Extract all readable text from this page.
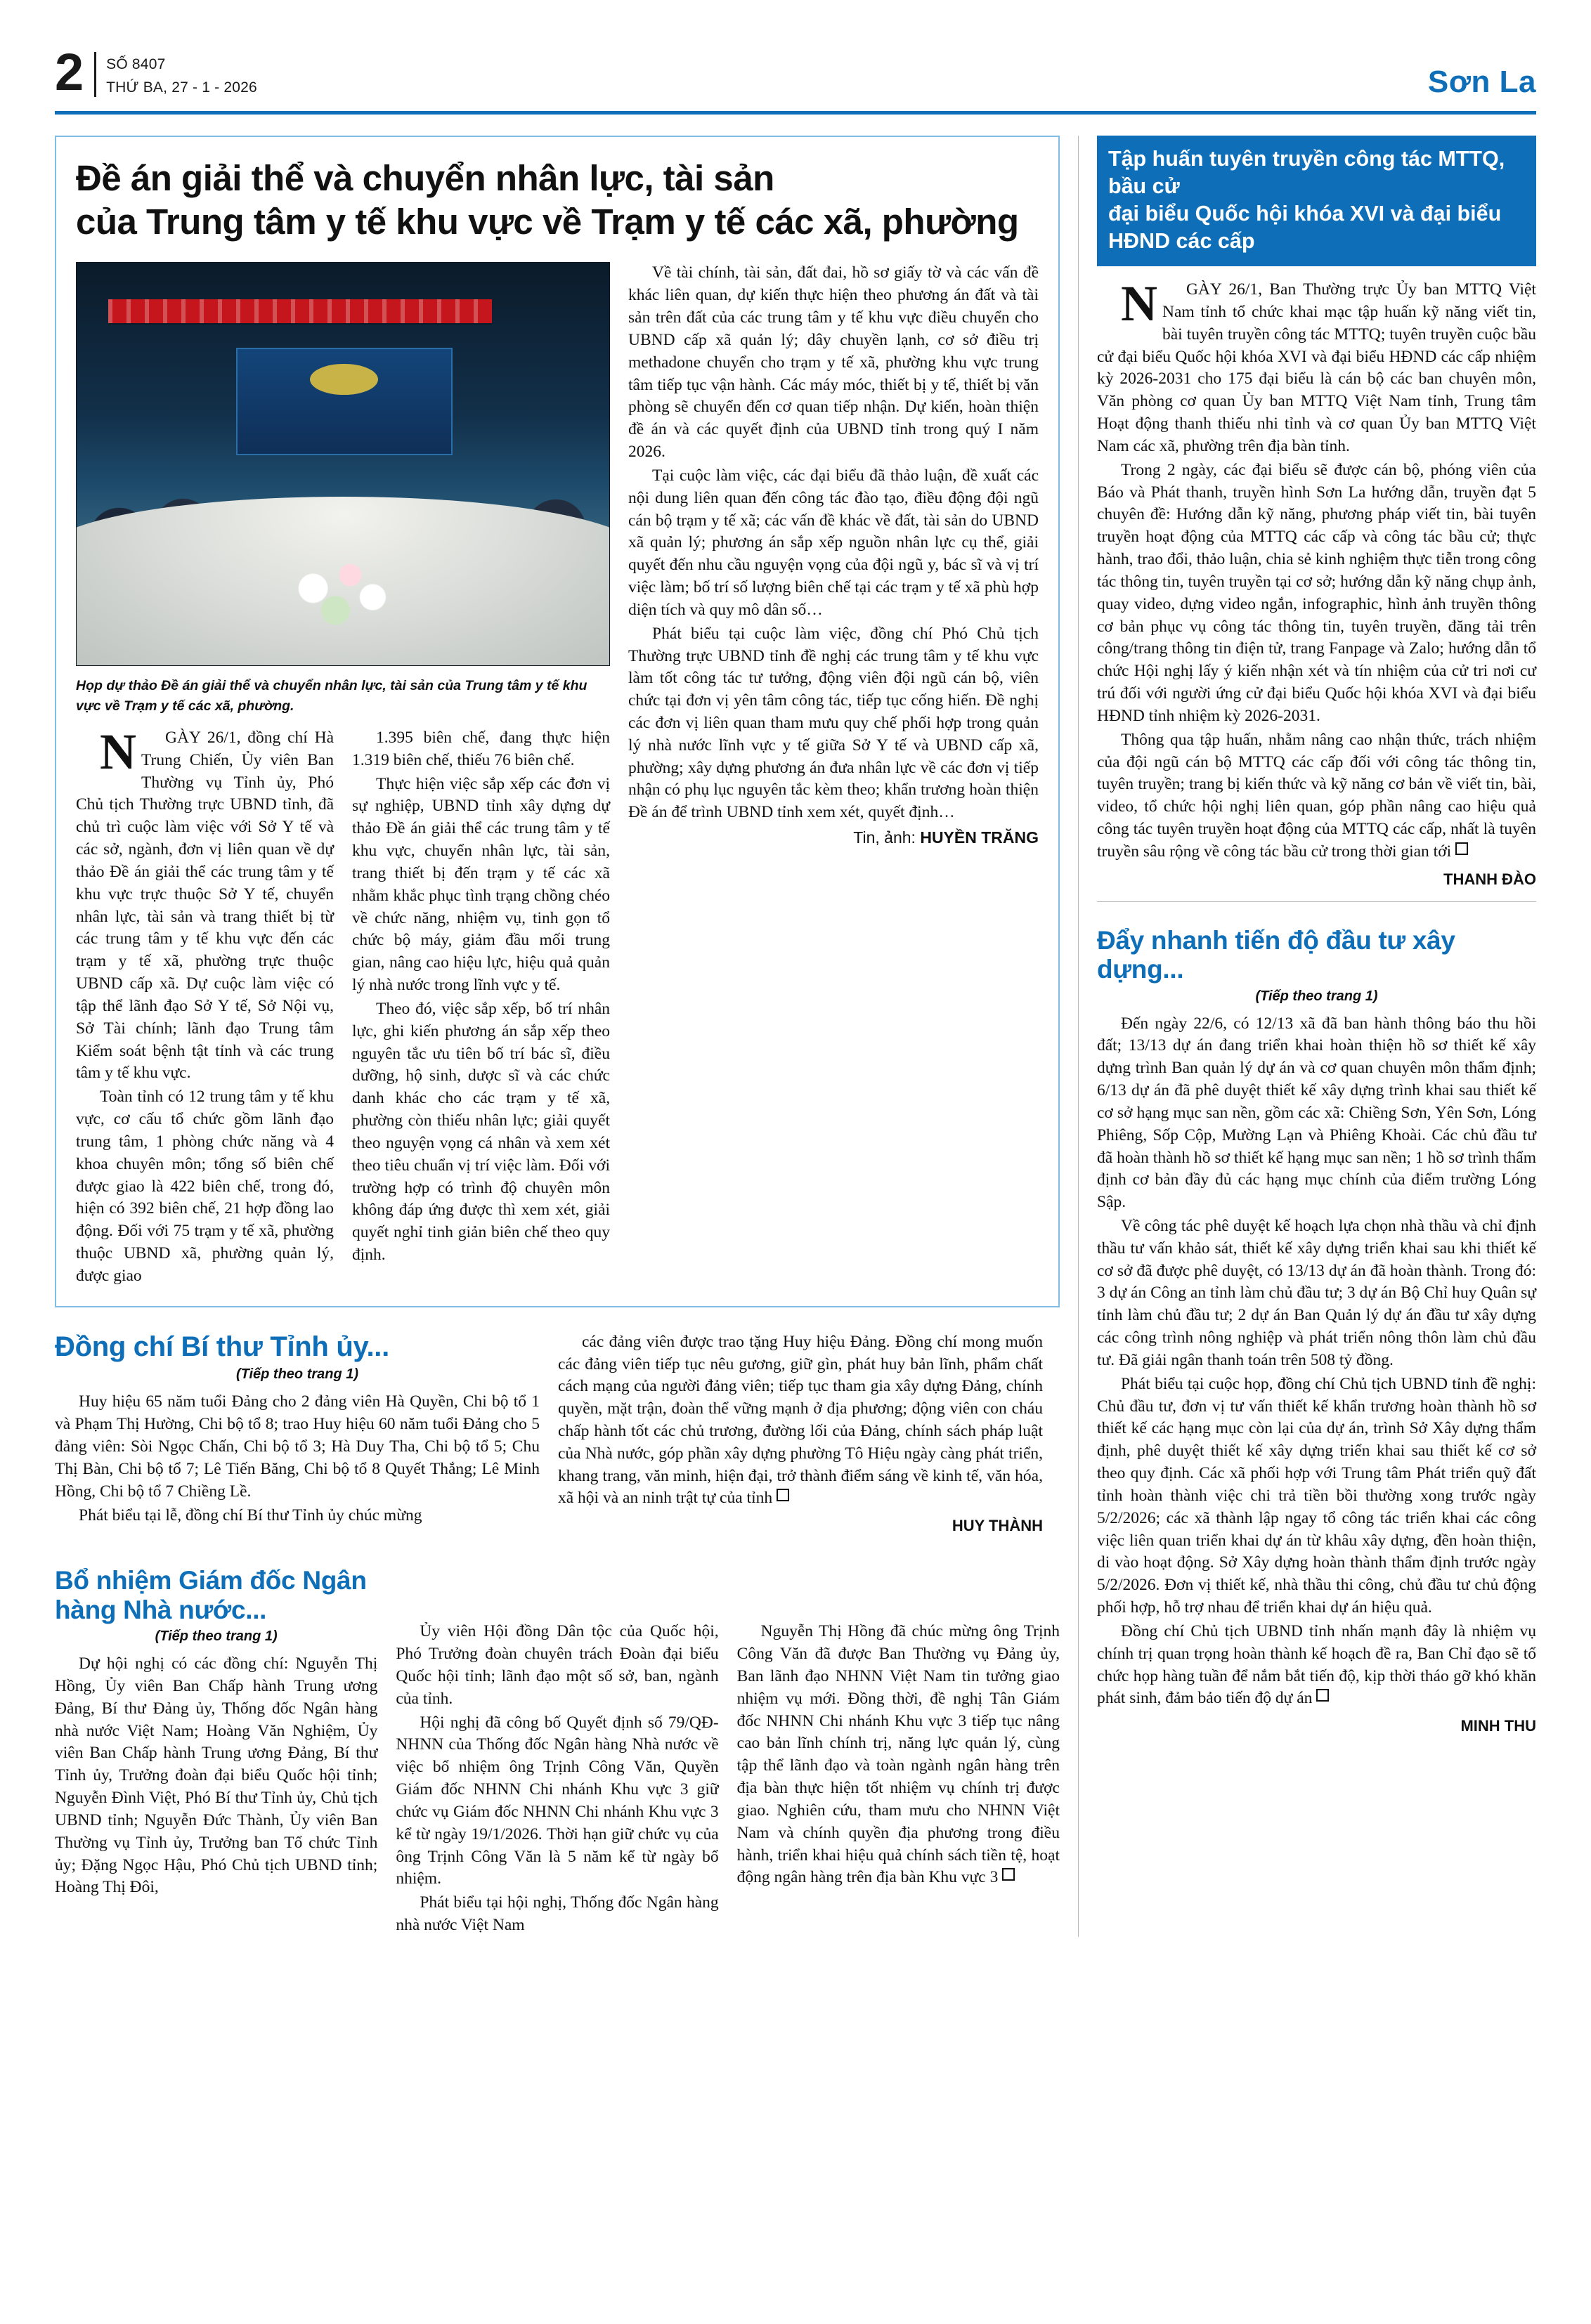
2 SỐ 8407
THỨ BA, 27 - 1 - 2026	Sơn La
Đề án giải thể và chuyển nhân lực, tài sản
của Trung tâm y tế khu vực về Trạm y tế các xã, phường
Họp dự thảo Đề án giải thể và chuyển nhân lực, tài sản của Trung tâm y tế khu vực về Trạm y tế các xã, phường.

N GÀY 26/1, đồng chí Hà Trung Chiến, Ủy viên Ban Thường vụ Tỉnh ủy, Phó Chủ tịch Thường trực UBND tỉnh, đã chủ trì cuộc làm việc với Sở Y tế và các sở, ngành, đơn vị liên quan về dự thảo Đề án giải thể các trung tâm y tế khu vực trực thuộc Sở Y tế, chuyển nhân lực, tài sản và trang thiết bị từ các trung tâm y tế khu vực đến các trạm y tế xã, phường trực thuộc UBND cấp xã. Dự cuộc làm việc có tập thể lãnh đạo Sở Y tế, Sở Nội vụ, Sở Tài chính; lãnh đạo Trung tâm Kiểm soát bệnh tật tỉnh và các trung tâm y tế khu vực.

Toàn tỉnh có 12 trung tâm y tế khu vực, cơ cấu tổ chức gồm lãnh đạo trung tâm, 1 phòng chức năng và 4 khoa chuyên môn; tổng số biên chế được giao là 422 biên chế, trong đó, hiện có 392 biên chế, 21 hợp đồng lao động. Đối với 75 trạm y tế xã, phường thuộc UBND xã, phường quản lý, được giao

1.395 biên chế, đang thực hiện 1.319 biên chế, thiếu 76 biên chế.

Thực hiện việc sắp xếp các đơn vị sự nghiệp, UBND tỉnh xây dựng dự thảo Đề án giải thể các trung tâm y tế khu vực, chuyển nhân lực, tài sản, trang thiết bị đến trạm y tế các xã nhằm khắc phục tình trạng chồng chéo về chức năng, nhiệm vụ, tinh gọn tổ chức bộ máy, giảm đầu mối trung gian, nâng cao hiệu lực, hiệu quả quản lý nhà nước trong lĩnh vực y tế.

Theo đó, việc sắp xếp, bố trí nhân lực, ghi kiến phương án sắp xếp theo nguyên tắc ưu tiên bố trí bác sĩ, điều dưỡng, hộ sinh, dược sĩ và các chức danh khác cho các trạm y tế xã, phường còn thiếu nhân lực; giải quyết theo nguyện vọng cá nhân và xem xét theo tiêu chuẩn vị trí việc làm. Đối với trường hợp có trình độ chuyên môn không đáp ứng được thì xem xét, giải quyết nghỉ tinh giản biên chế theo quy định.

Về tài chính, tài sản, đất đai, hồ sơ giấy tờ và các vấn đề khác liên quan, dự kiến thực hiện theo phương án đất và tài sản trên đất của các trung tâm y tế khu vực điều chuyển cho UBND cấp xã quản lý; dây chuyền lạnh, cơ sở điều trị methadone chuyển cho trạm y tế xã, phường khu vực trung tâm tiếp tục vận hành. Các máy móc, thiết bị y tế, thiết bị văn phòng sẽ chuyển đến cơ quan tiếp nhận. Dự kiến, hoàn thiện đề án và các quyết định của UBND tỉnh trong quý I năm 2026.

Tại cuộc làm việc, các đại biểu đã thảo luận, đề xuất các nội dung liên quan đến công tác đào tạo, điều động đội ngũ cán bộ trạm y tế xã; các vấn đề khác về đất, tài sản do UBND xã quản lý; phương án sắp xếp nguồn nhân lực cụ thể, giải quyết đến nhu cầu nguyện vọng của đội ngũ y, bác sĩ và vị trí việc làm; bố trí số lượng biên chế tại các trạm y tế xã phù hợp diện tích và quy mô dân số…

Phát biểu tại cuộc làm việc, đồng chí Phó Chủ tịch Thường trực UBND tỉnh đề nghị các trung tâm y tế khu vực làm tốt công tác tư tưởng, động viên đội ngũ cán bộ, viên chức tại đơn vị yên tâm công tác, tiếp tục cống hiến. Đề nghị các đơn vị liên quan tham mưu quy chế phối hợp trong quản lý nhà nước lĩnh vực y tế giữa Sở Y tế và UBND cấp xã, phường; xây dựng phương án đưa nhân lực về các đơn vị tiếp nhận có phụ lục nguyên tắc kèm theo; khẩn trương hoàn thiện Đề án để trình UBND tỉnh xem xét, quyết định…

Tin, ảnh: HUYỀN TRĂNG
Đồng chí Bí thư Tỉnh ủy...
(Tiếp theo trang 1)

Huy hiệu 65 năm tuổi Đảng cho 2 đảng viên Hà Quyền, Chi bộ tổ 1 và Phạm Thị Hường, Chi bộ tổ 8; trao Huy hiệu 60 năm tuổi Đảng cho 5 đảng viên: Sòi Ngọc Chấn, Chi bộ tổ 3; Hà Duy Tha, Chi bộ tổ 5; Chu Thị Bàn, Chi bộ tổ 7; Lê Tiến Băng, Chi bộ tổ 8 Quyết Thắng; Lê Minh Hồng, Chi bộ tổ 7 Chiềng Lề.

Phát biểu tại lễ, đồng chí Bí thư Tỉnh ủy chúc mừng

các đảng viên được trao tặng Huy hiệu Đảng. Đồng chí mong muốn các đảng viên tiếp tục nêu gương, giữ gìn, phát huy bản lĩnh, phẩm chất cách mạng của người đảng viên; tiếp tục tham gia xây dựng Đảng, chính quyền, mặt trận, đoàn thể vững mạnh ở địa phương; động viên con cháu chấp hành tốt các chủ trương, đường lối của Đảng, chính sách pháp luật của Nhà nước, góp phần xây dựng phường Tô Hiệu ngày càng phát triển, khang trang, văn minh, hiện đại, trở thành điểm sáng về kinh tế, văn hóa, xã hội và an ninh trật tự của tỉnh

HUY THÀNH
Bổ nhiệm Giám đốc Ngân hàng Nhà nước...
(Tiếp theo trang 1)

Dự hội nghị có các đồng chí: Nguyễn Thị Hồng, Ủy viên Ban Chấp hành Trung ương Đảng, Bí thư Đảng ủy, Thống đốc Ngân hàng nhà nước Việt Nam; Hoàng Văn Nghiệm, Ủy viên Ban Chấp hành Trung ương Đảng, Bí thư Tỉnh ủy, Trưởng đoàn đại biểu Quốc hội tỉnh; Nguyễn Đình Việt, Phó Bí thư Tỉnh ủy, Chủ tịch UBND tỉnh; Nguyễn Đức Thành, Ủy viên Ban Thường vụ Tỉnh ủy, Trưởng ban Tổ chức Tỉnh ủy; Đặng Ngọc Hậu, Phó Chủ tịch UBND tỉnh; Hoàng Thị Đôi,

Ủy viên Hội đồng Dân tộc của Quốc hội, Phó Trưởng đoàn chuyên trách Đoàn đại biểu Quốc hội tỉnh; lãnh đạo một số sở, ban, ngành của tỉnh.

Hội nghị đã công bố Quyết định số 79/QĐ-NHNN của Thống đốc Ngân hàng Nhà nước về việc bổ nhiệm ông Trịnh Công Văn, Quyền Giám đốc NHNN Chi nhánh Khu vực 3 giữ chức vụ Giám đốc NHNN Chi nhánh Khu vực 3 kể từ ngày 19/1/2026. Thời hạn giữ chức vụ của ông Trịnh Công Văn là 5 năm kể từ ngày bổ nhiệm.

Phát biểu tại hội nghị, Thống đốc Ngân hàng nhà nước Việt Nam

Nguyễn Thị Hồng đã chúc mừng ông Trịnh Công Văn đã được Ban Thường vụ Đảng ủy, Ban lãnh đạo NHNN Việt Nam tin tưởng giao nhiệm vụ mới. Đồng thời, đề nghị Tân Giám đốc NHNN Chi nhánh Khu vực 3 tiếp tục nâng cao bản lĩnh chính trị, năng lực quản lý, cùng tập thể lãnh đạo và toàn ngành ngân hàng trên địa bàn thực hiện tốt nhiệm vụ chính trị được giao. Nghiên cứu, tham mưu cho NHNN Việt Nam và chính quyền địa phương trong điều hành, triển khai hiệu quả chính sách tiền tệ, hoạt động ngân hàng trên địa bàn Khu vực 3

Tập huấn tuyên truyền công tác MTTQ, bầu cử
đại biểu Quốc hội khóa XVI và đại biểu HĐND các cấp

N GÀY 26/1, Ban Thường trực Ủy ban MTTQ Việt Nam tỉnh tổ chức khai mạc tập huấn kỹ năng viết tin, bài tuyên truyền công tác MTTQ; tuyên truyền cuộc bầu cử đại biểu Quốc hội khóa XVI và đại biểu HĐND các cấp nhiệm kỳ 2026-2031 cho 175 đại biểu là cán bộ các ban chuyên môn, Văn phòng cơ quan Ủy ban MTTQ Việt Nam tỉnh, Trung tâm Hoạt động thanh thiếu nhi tỉnh và cơ quan Ủy ban MTTQ Việt Nam các xã, phường trên địa bàn tỉnh.

Trong 2 ngày, các đại biểu sẽ được cán bộ, phóng viên của Báo và Phát thanh, truyền hình Sơn La hướng dẫn, truyền đạt 5 chuyên đề: Hướng dẫn kỹ năng, phương pháp viết tin, bài tuyên truyền hoạt động của MTTQ các cấp và công tác bầu cử; thực hành, trao đổi, thảo luận, chia sẻ kinh nghiệm thực tiễn trong công tác thông tin, tuyên truyền tại cơ sở; hướng dẫn kỹ năng chụp ảnh, quay video, dựng video ngắn, infographic, hình ảnh truyền thông cơ bản phục vụ công tác thông tin, tuyên truyền, đăng tải trên công/trang thông tin điện tử, trang Fanpage và Zalo; hướng dẫn tổ chức Hội nghị lấy ý kiến nhận xét và tín nhiệm của cử tri nơi cư trú đối với người ứng cử đại biểu Quốc hội khóa XVI và đại biểu HĐND tỉnh nhiệm kỳ 2026-2031.

Thông qua tập huấn, nhằm nâng cao nhận thức, trách nhiệm của đội ngũ cán bộ MTTQ các cấp đối với công tác thông tin, tuyên truyền; trang bị kiến thức và kỹ năng cơ bản về viết tin, bài, video, tổ chức hội nghị liên quan, góp phần nâng cao hiệu quả công tác tuyên truyền hoạt động của MTTQ các cấp, nhất là tuyên truyền sâu rộng về công tác bầu cử trong thời gian tới

THANH ĐÀO
Đẩy nhanh tiến độ đầu tư xây dựng...
(Tiếp theo trang 1)

Đến ngày 22/6, có 12/13 xã đã ban hành thông báo thu hồi đất; 13/13 dự án đang triển khai hoàn thiện hồ sơ thiết kế xây dựng trình Ban quản lý dự án và cơ quan chuyên môn thẩm định; 6/13 dự án đã phê duyệt thiết kế xây dựng trình khai sau thiết kế cơ sở hạng mục san nền, gồm các xã: Chiềng Sơn, Yên Sơn, Lóng Phiêng, Sốp Cộp, Mường Lạn và Phiêng Khoài. Các chủ đầu tư đã hoàn thành hồ sơ thiết kế hạng mục san nền; 1 hồ sơ trình thẩm định cơ bản đầy đủ các hạng mục chính của điểm trường Lóng Sập.

Về công tác phê duyệt kế hoạch lựa chọn nhà thầu và chỉ định thầu tư vấn khảo sát, thiết kế xây dựng triển khai sau khi thiết kế cơ sở đã được phê duyệt, có 13/13 dự án đã hoàn thành. Trong đó: 3 dự án Công an tỉnh làm chủ đầu tư; 3 dự án Bộ Chỉ huy Quân sự tỉnh làm chủ đầu tư; 2 dự án Ban Quản lý dự án đầu tư xây dựng các công trình nông nghiệp và phát triển nông thôn làm chủ đầu tư. Đã giải ngân thanh toán trên 508 tỷ đồng.

Phát biểu tại cuộc họp, đồng chí Chủ tịch UBND tỉnh đề nghị: Chủ đầu tư, đơn vị tư vấn thiết kế khẩn trương hoàn thành hồ sơ thiết kế các hạng mục còn lại của dự án, trình Sở Xây dựng thẩm định, phê duyệt thiết kế xây dựng triển khai sau thiết kế cơ sở theo quy định. Các xã phối hợp với Trung tâm Phát triển quỹ đất tỉnh hoàn thành việc chi trả tiền bồi thường xong trước ngày 5/2/2026; các xã thành lập ngay tổ công tác triển khai các công việc liên quan triển khai dự án từ khâu xây dựng, đền hoàn thiện, di vào hoạt động. Sở Xây dựng hoàn thành thẩm định trước ngày 5/2/2026. Đơn vị thiết kế, nhà thầu thi công, chủ đầu tư chủ động phối hợp, hỗ trợ nhau để triển khai dự án hiệu quả.

Đồng chí Chủ tịch UBND tỉnh nhấn mạnh đây là nhiệm vụ chính trị quan trọng hoàn thành kế hoạch đề ra, Ban Chỉ đạo sẽ tổ chức họp hàng tuần để nắm bắt tiến độ, kịp thời tháo gỡ khó khăn phát sinh, đảm bảo tiến độ dự án

MINH THU
